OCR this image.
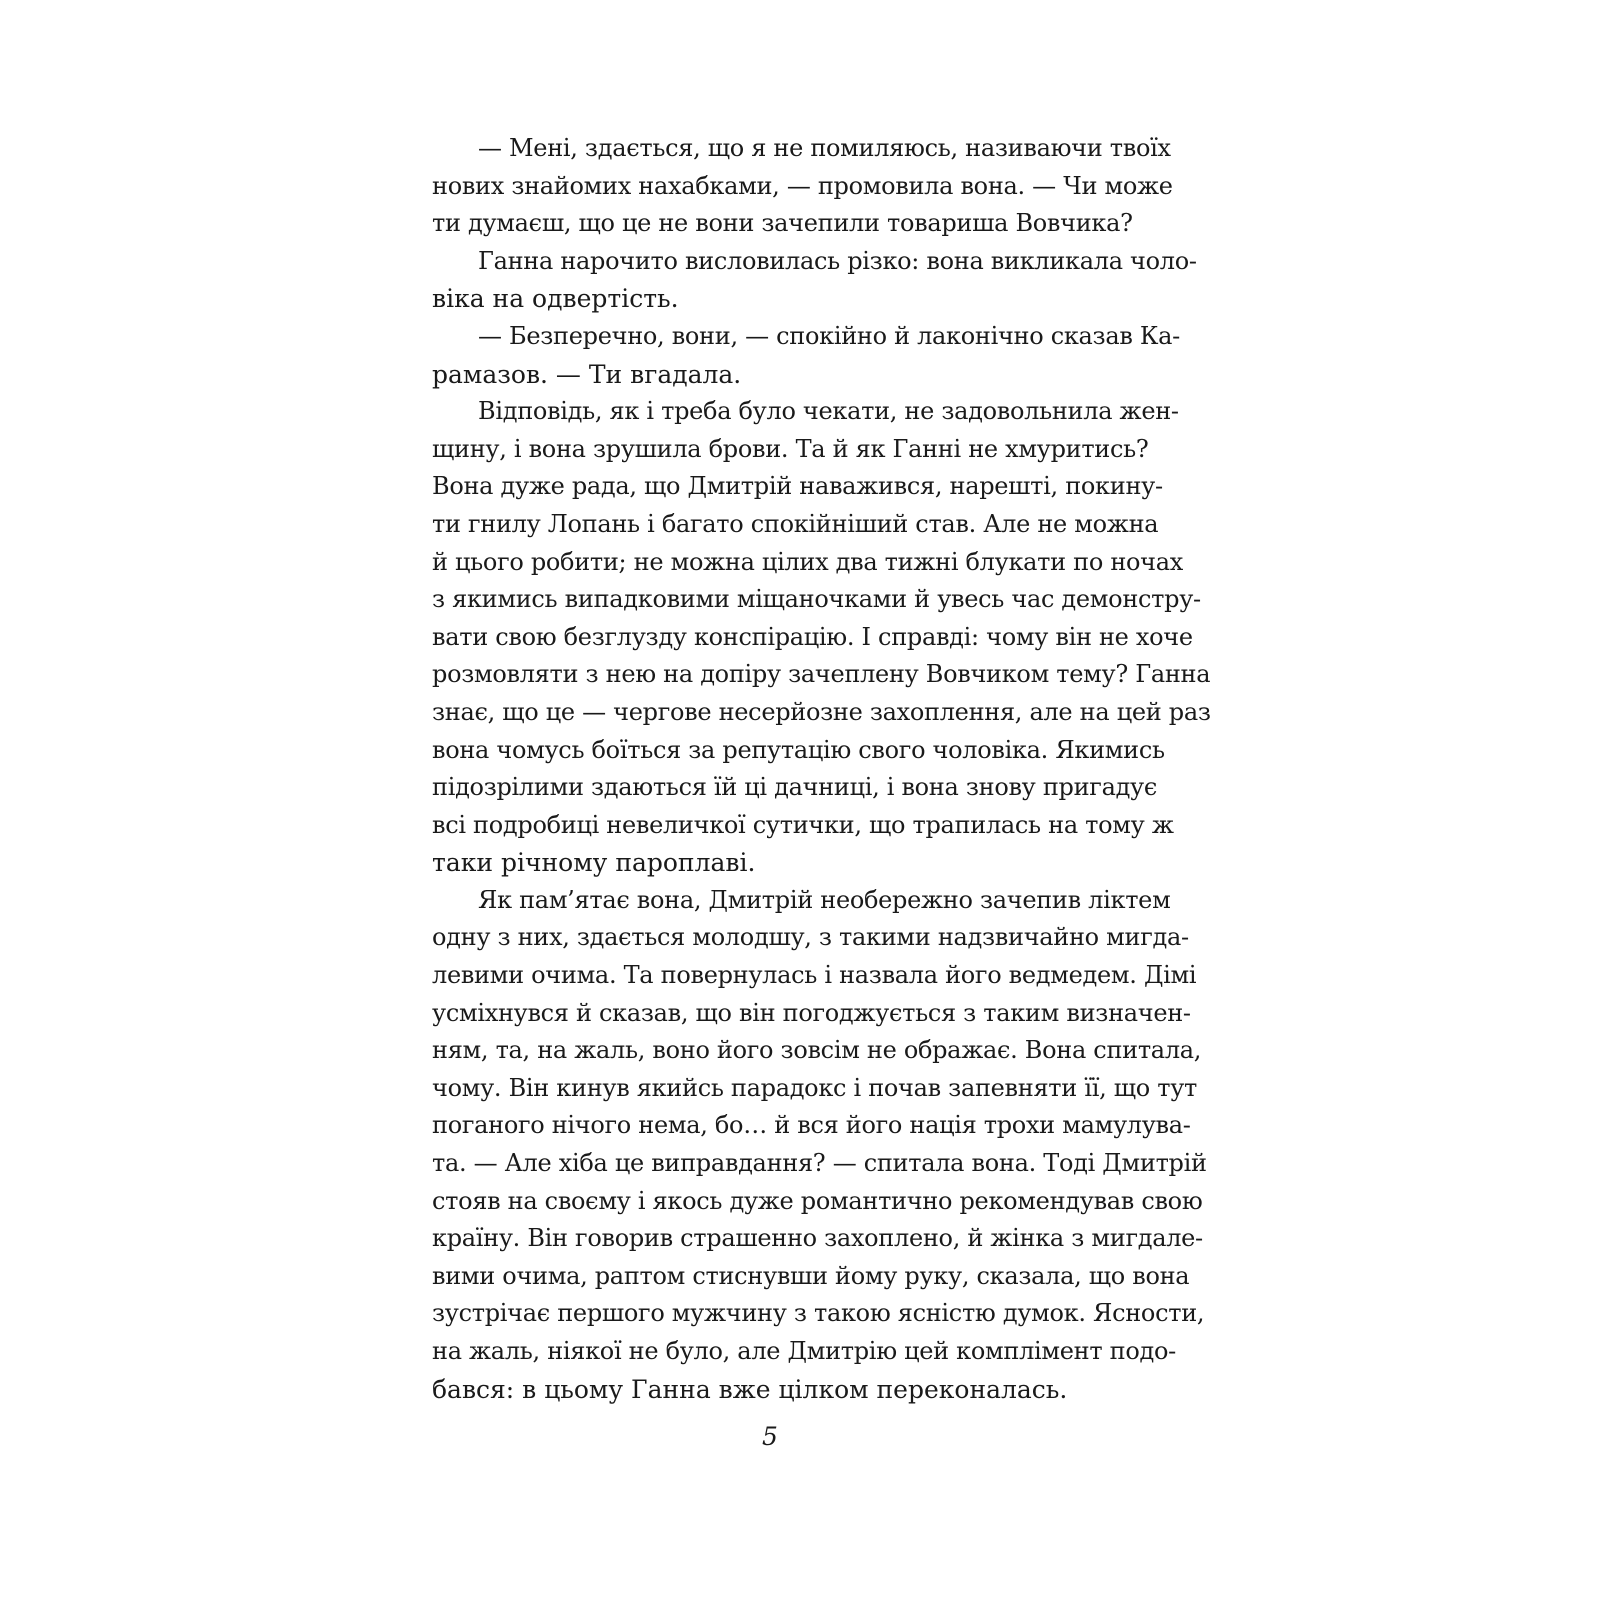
— Мені, здається, що я не помиляюсь, називаючи твоїх
нових знайомих нахабками, — промовила вона. — Чи може
ти думаєш, що це не вони зачепили товариша Вовчика?
Ганна нарочито висловилась різко: вона викликала чоло-
віка на одвертість.
— Безперечно, вони, — спокійно й лаконічно сказав Ка-
рамазов. — Ти вгадала.
Відповідь, як і треба було чекати, не задовольнила жен-
щину, і вона зрушила брови. Та й як Ганні не хмуритись?
Вона дуже рада, що Дмитрій наважився, нарешті, покину-
ти гнилу Лопань і багато спокійніший став. Але не можна
й цього робити; не можна цілих два тижні блукати по ночах
з якимись випадковими міщаночками й увесь час демонстру-
вати свою безглузду конспірацію. І справді: чому він не хоче
розмовляти з нею на допіру зачеплену Вовчиком тему? Ганна
знає, що це — чергове несерйозне захоплення, але на цей раз
вона чомусь боїться за репутацію свого чоловіка. Якимись
підозрілими здаються їй ці дачниці, і вона знову пригадує
всі подробиці невеличкої сутички, що трапилась на тому ж
таки річному пароплаві.
Як пам’ятає вона, Дмитрій необережно зачепив ліктем
одну з них, здається молодшу, з такими надзвичайно мигда-
левими очима. Та повернулась і назвала його ведмедем. Дімі
усміхнувся й сказав, що він погоджується з таким визначен-
ням, та, на жаль, воно його зовсім не ображає. Вона спитала,
чому. Він кинув якийсь парадокс і почав запевняти її, що тут
поганого нічого нема, бо… й вся його нація трохи мамулува-
та. — Але хіба це виправдання? — спитала вона. Тоді Дмитрій
стояв на своєму і якось дуже романтично рекомендував свою
країну. Він говорив страшенно захоплено, й жінка з мигдале-
вими очима, раптом стиснувши йому руку, сказала, що вона
зустрічає першого мужчину з такою ясністю думок. Ясности,
на жаль, ніякої не було, але Дмитрію цей комплімент подо-
бався: в цьому Ганна вже цілком переконалась.
5
